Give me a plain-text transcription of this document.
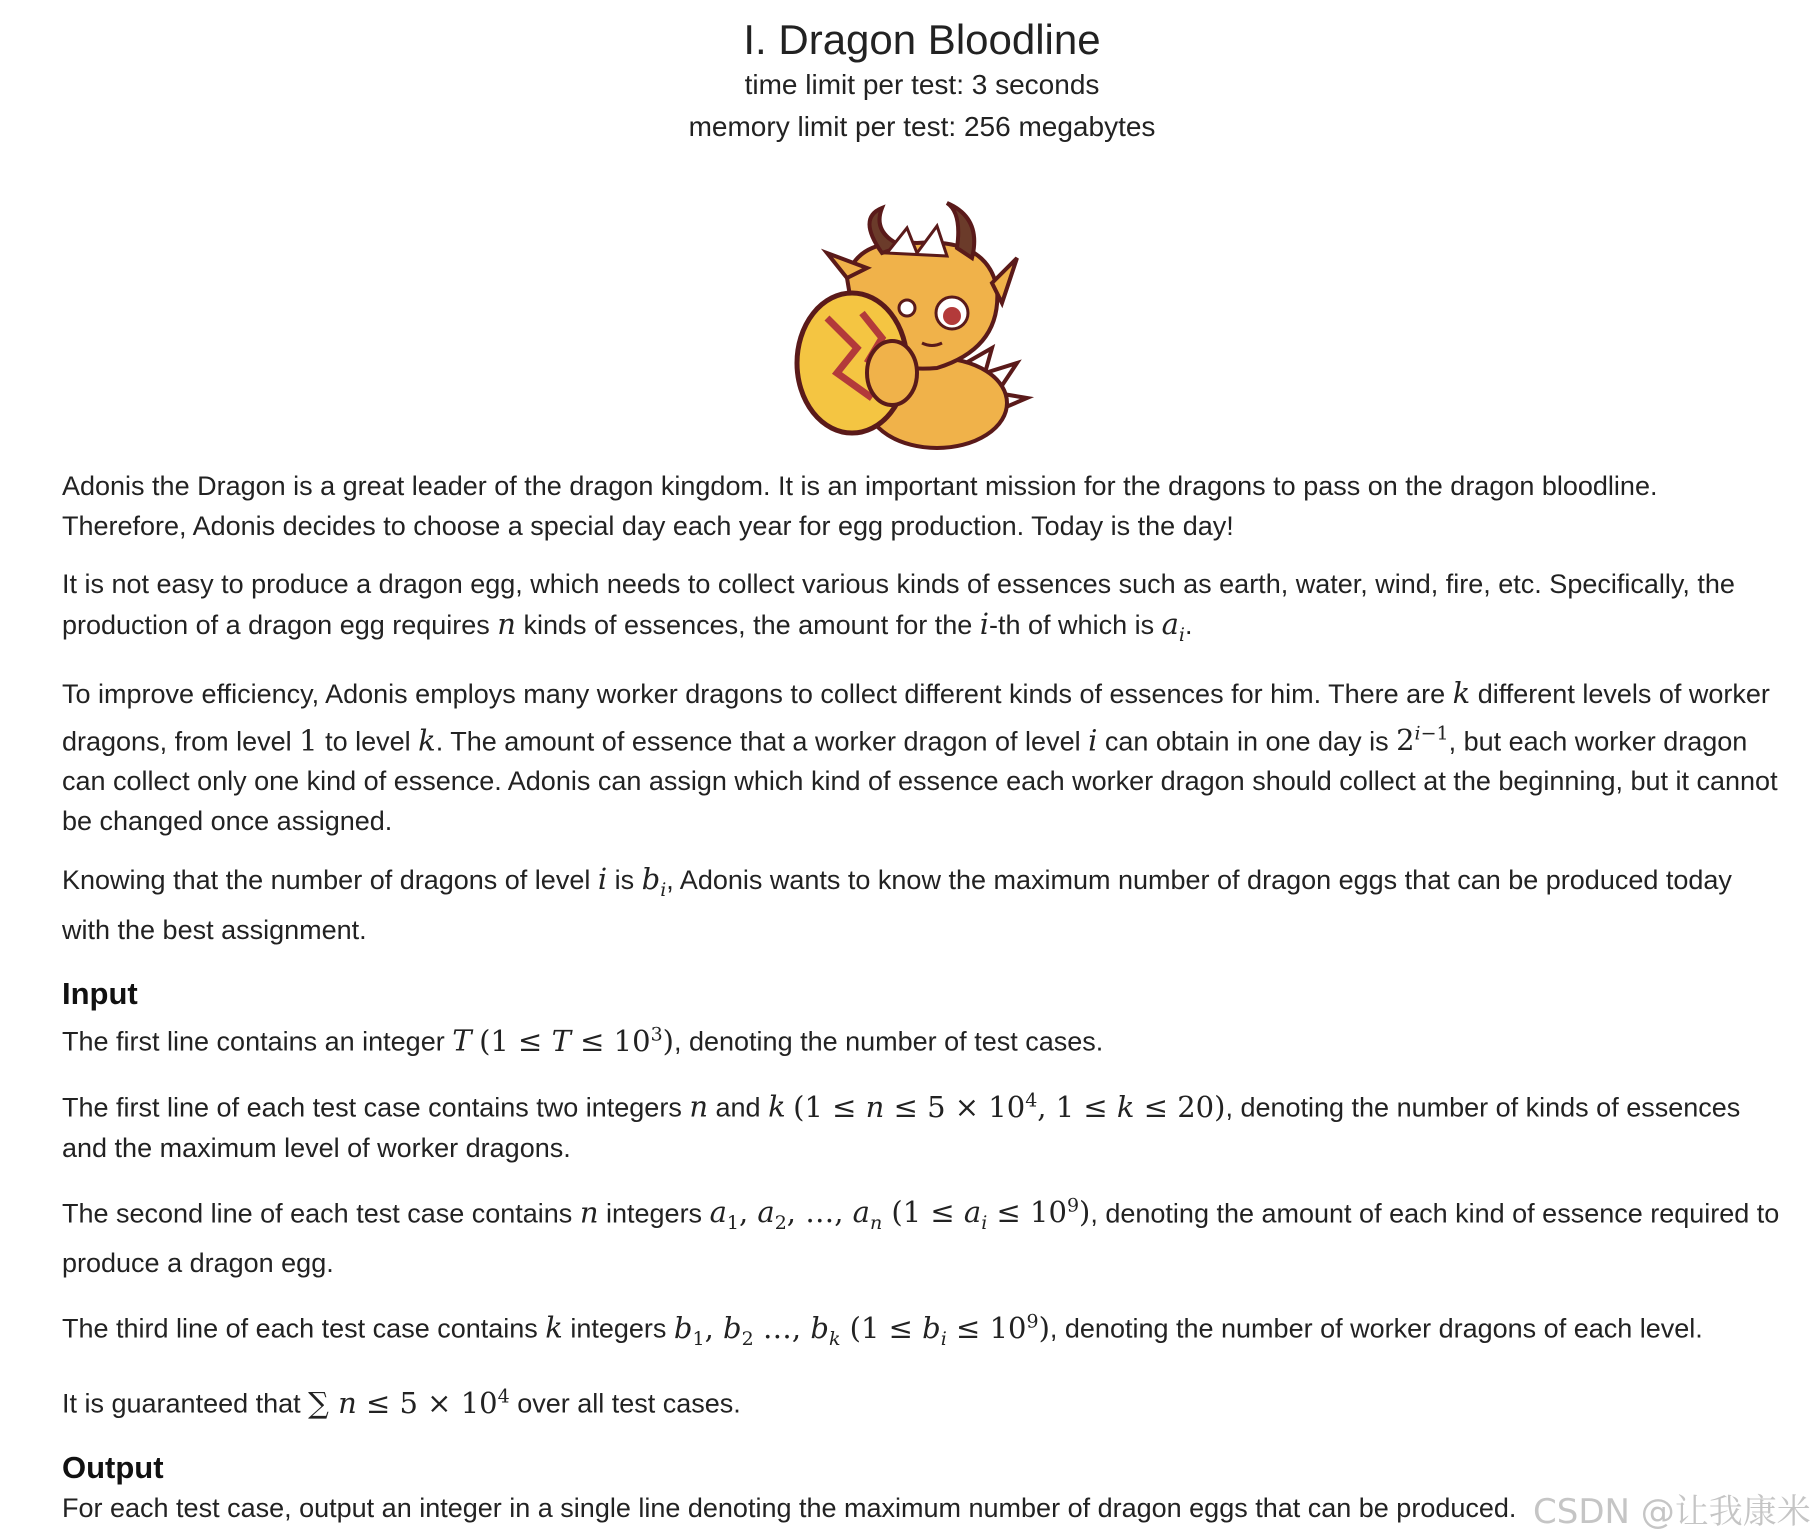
I. Dragon Bloodline
time limit per test: 3 seconds
memory limit per test: 256 megabytes

Adonis the Dragon is a great leader of the dragon kingdom. It is an important mission for the dragons to pass on the dragon bloodline. Therefore, Adonis decides to choose a special day each year for egg production. Today is the day!

It is not easy to produce a dragon egg, which needs to collect various kinds of essences such as earth, water, wind, fire, etc. Specifically, the production of a dragon egg requires n kinds of essences, the amount for the i-th of which is $a_i$.

To improve efficiency, Adonis employs many worker dragons to collect different kinds of essences for him. There are k different levels of worker dragons, from level 1 to level k. The amount of essence that a worker dragon of level i can obtain in one day is $2^{i-1}$, but each worker dragon can collect only one kind of essence. Adonis can assign which kind of essence each worker dragon should collect at the beginning, but it cannot be changed once assigned.

Knowing that the number of dragons of level i is $b_i$, Adonis wants to know the maximum number of dragon eggs that can be produced today with the best assignment.

Input

The first line contains an integer T $(1 \le T \le 10^3)$, denoting the number of test cases.

The first line of each test case contains two integers n and k ($1 \le n \le 5 \times 10^4$, 1 ≤ k ≤ 20), denoting the number of kinds of essences and the maximum level of worker dragons.

The second line of each test case contains n integers $a_1$, $a_2$, …, $a_n$ $(1 \le a_i \le 10^9)$, denoting the amount of each kind of essence required to produce a dragon egg.

The third line of each test case contains k integers $b_1$, $b_2$ …, $b_k$ $(1 \le b_i \le 10^9)$, denoting the number of worker dragons of each level.

It is guaranteed that ∑ $n \le 5 \times 10^4$ over all test cases.

Output

For each test case, output an integer in a single line denoting the maximum number of dragon eggs that can be produced. CSDN @让我康米
